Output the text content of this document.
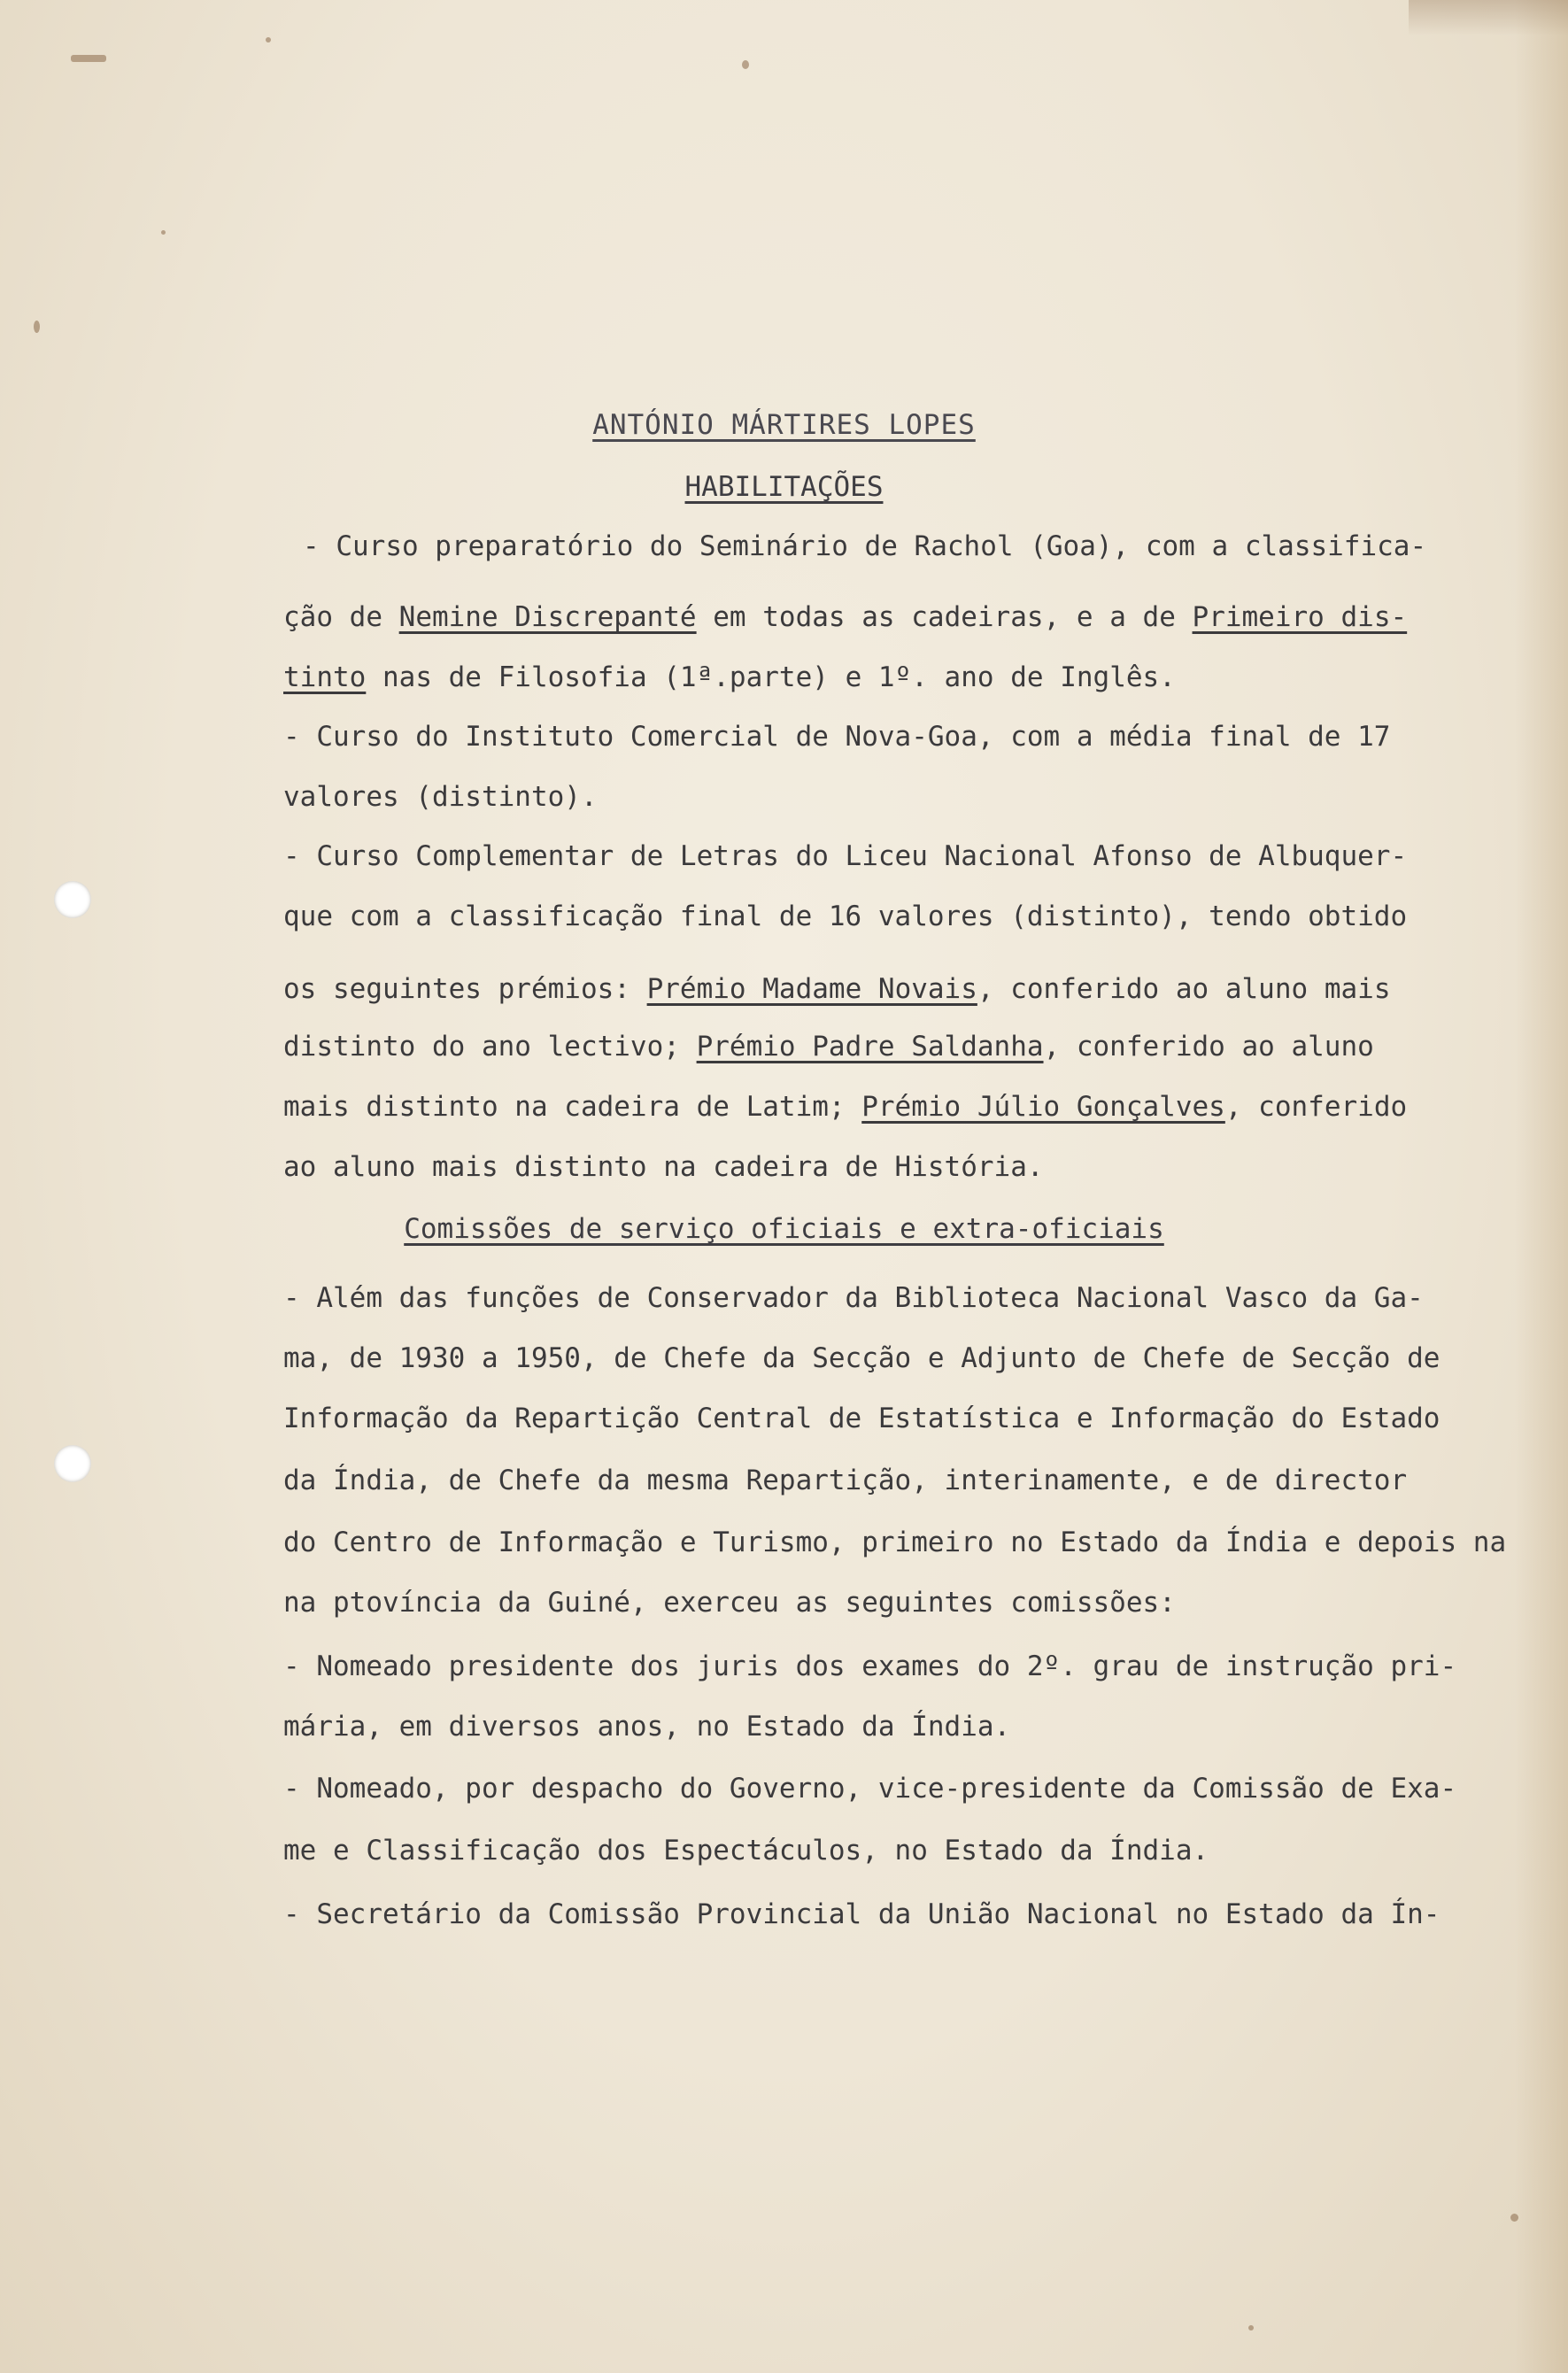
ANTÓNIO MÁRTIRES LOPES
HABILITAÇÕES
- Curso preparatório do Seminário de Rachol (Goa), com a classifica-
ção de Nemine Discrepanté em todas as cadeiras, e a de Primeiro dis-
tinto nas de Filosofia (1ª.parte) e 1º. ano de Inglês.
- Curso do Instituto Comercial de Nova-Goa, com a média final de 17
valores (distinto).
- Curso Complementar de Letras do Liceu Nacional Afonso de Albuquer-
que com a classificação final de 16 valores (distinto), tendo obtido
os seguintes prémios: Prémio Madame Novais, conferido ao aluno mais
distinto do ano lectivo; Prémio Padre Saldanha, conferido ao aluno
mais distinto na cadeira de Latim; Prémio Júlio Gonçalves, conferido
ao aluno mais distinto na cadeira de História.
Comissões de serviço oficiais e extra-oficiais
- Além das funções de Conservador da Biblioteca Nacional Vasco da Ga-
ma, de 1930 a 1950, de Chefe da Secção e Adjunto de Chefe de Secção de
Informação da Repartição Central de Estatística e Informação do Estado
da Índia, de Chefe da mesma Repartição, interinamente, e de director
do Centro de Informação e Turismo, primeiro no Estado da Índia e depois na
na ptovíncia da Guiné, exerceu as seguintes comissões:
- Nomeado presidente dos juris dos exames do 2º. grau de instrução pri-
mária, em diversos anos, no Estado da Índia.
- Nomeado, por despacho do Governo, vice-presidente da Comissão de Exa-
me e Classificação dos Espectáculos, no Estado da Índia.
- Secretário da Comissão Provincial da União Nacional no Estado da Ín-
